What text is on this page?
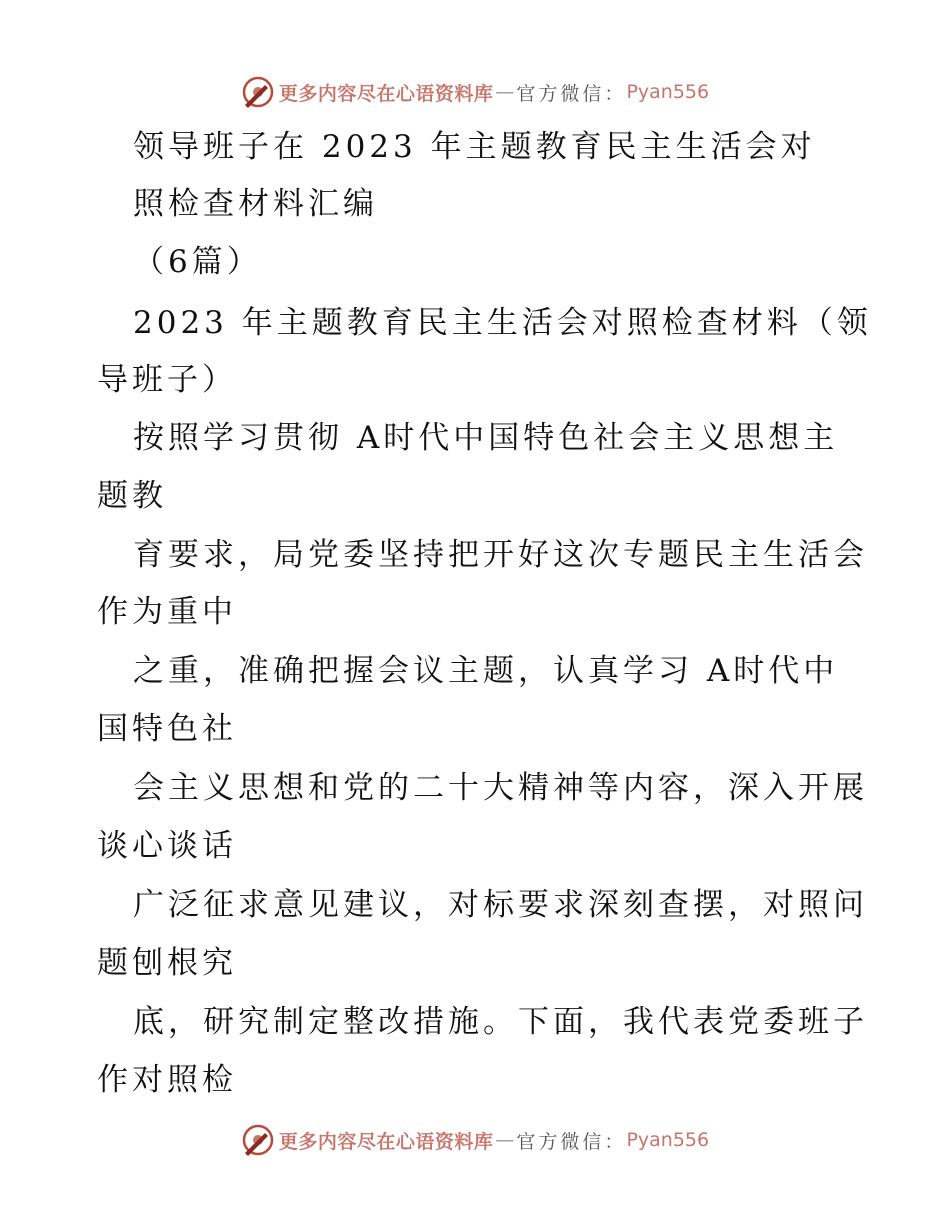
更多内容尽在心语资料库 — 官方微信： Pyan556
领导班子在 2023 年主题教育民主生活会对
照检查材料汇编
（6篇）
2023 年主题教育民主生活会对照检查材料（领
导班子）
按照学习贯彻 A时代中国特色社会主义思想主
题教
育要求，局党委坚持把开好这次专题民主生活会
作为重中
之重，准确把握会议主题，认真学习 A时代中
国特色社
会主义思想和党的二十大精神等内容，深入开展
谈心谈话
广泛征求意见建议，对标要求深刻查摆，对照问
题刨根究
底，研究制定整改措施。下面，我代表党委班子
作对照检
更多内容尽在心语资料库 — 官方微信： Pyan556
